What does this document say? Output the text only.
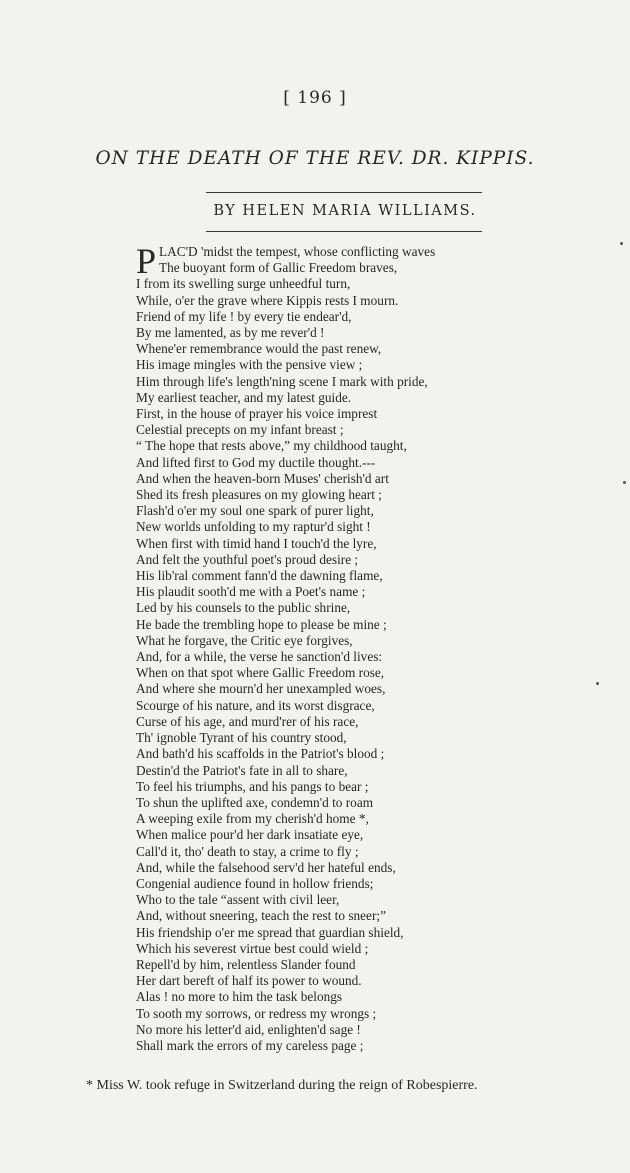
[ 196 ]
ON THE DEATH OF THE REV. DR. KIPPIS.
BY HELEN MARIA WILLIAMS.
PLAC'D 'midst the tempest, whose conflicting waves
The buoyant form of Gallic Freedom braves,
I from its swelling surge unheedful turn,
While, o'er the grave where Kippis rests I mourn.
Friend of my life ! by every tie endear'd,
By me lamented, as by me rever'd !
Whene'er remembrance would the past renew,
His image mingles with the pensive view ;
Him through life's length'ning scene I mark with pride,
My earliest teacher, and my latest guide.
First, in the house of prayer his voice imprest
Celestial precepts on my infant breast ;
“ The hope that rests above,” my childhood taught,
And lifted first to God my ductile thought.---
And when the heaven-born Muses' cherish'd art
Shed its fresh pleasures on my glowing heart ;
Flash'd o'er my soul one spark of purer light,
New worlds unfolding to my raptur'd sight !
When first with timid hand I touch'd the lyre,
And felt the youthful poet's proud desire ;
His lib'ral comment fann'd the dawning flame,
His plaudit sooth'd me with a Poet's name ;
Led by his counsels to the public shrine,
He bade the trembling hope to please be mine ;
What he forgave, the Critic eye forgives,
And, for a while, the verse he sanction'd lives:
When on that spot where Gallic Freedom rose,
And where she mourn'd her unexampled woes,
Scourge of his nature, and its worst disgrace,
Curse of his age, and murd'rer of his race,
Th' ignoble Tyrant of his country stood,
And bath'd his scaffolds in the Patriot's blood ;
Destin'd the Patriot's fate in all to share,
To feel his triumphs, and his pangs to bear ;
To shun the uplifted axe, condemn'd to roam
A weeping exile from my cherish'd home *,
When malice pour'd her dark insatiate eye,
Call'd it, tho' death to stay, a crime to fly ;
And, while the falsehood serv'd her hateful ends,
Congenial audience found in hollow friends;
Who to the tale “assent with civil leer,
And, without sneering, teach the rest to sneer;”
His friendship o'er me spread that guardian shield,
Which his severest virtue best could wield ;
Repell'd by him, relentless Slander found
Her dart bereft of half its power to wound.
Alas ! no more to him the task belongs
To sooth my sorrows, or redress my wrongs ;
No more his letter'd aid, enlighten'd sage !
Shall mark the errors of my careless page ;
* Miss W. took refuge in Switzerland during the reign of Robespierre.
